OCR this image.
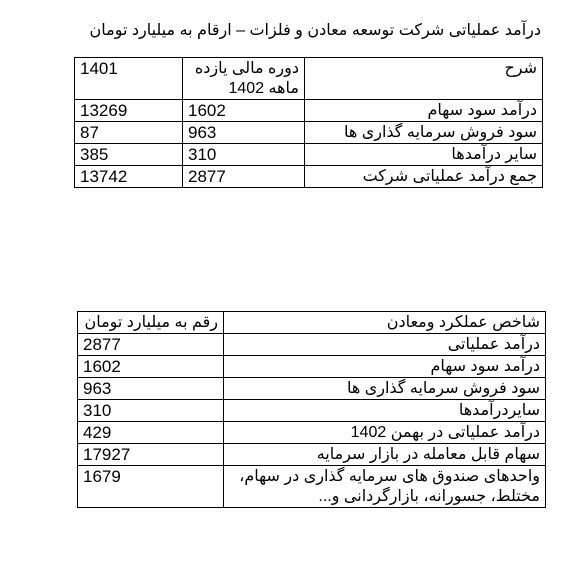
درآمد عملیاتی شرکت توسعه معادن و فلزات – ارقام به میلیارد تومان
شرح	دوره مالی یازده ماهه 1402	1401
درآمد سود سهام	1602	13269
سود فروش سرمایه گذاری ها	963	87
سایر درآمدها	310	385
جمع درآمد عملیاتی شرکت	2877	13742
شاخص عملکرد ومعادن	رقم به میلیارد تومان
درآمد عملیاتی	2877
درآمد سود سهام	1602
سود فروش سرمایه گذاری ها	963
سایردرآمدها	310
درآمد عملیاتی در بهمن 1402	429
سهام قابل معامله در بازار سرمایه	17927
واحدهای صندوق های سرمایه گذاری در سهام، مختلط، جسورانه، بازارگردانی و...	1679
